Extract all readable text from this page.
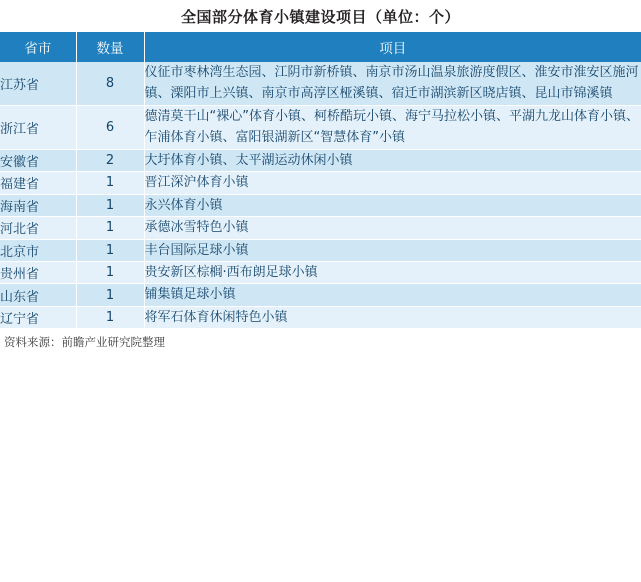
全国部分体育小镇建设项目（单位：个）
省市	数量	项目
江苏省	8	仪征市枣林湾生态园、江阴市新桥镇、南京市汤山温泉旅游度假区、淮安市淮安区施河镇、溧阳市上兴镇、南京市高淳区桠溪镇、宿迁市湖滨新区晓店镇、昆山市锦溪镇
浙江省	6	德清莫干山“裸心”体育小镇、柯桥酷玩小镇、海宁马拉松小镇、平湖九龙山体育小镇、乍浦体育小镇、富阳银湖新区“智慧体育”小镇
安徽省	2	大圩体育小镇、太平湖运动休闲小镇
福建省	1	晋江深沪体育小镇
海南省	1	永兴体育小镇
河北省	1	承德冰雪特色小镇
北京市	1	丰台国际足球小镇
贵州省	1	贵安新区棕榈·西布朗足球小镇
山东省	1	铺集镇足球小镇
辽宁省	1	将军石体育休闲特色小镇
资料来源：前瞻产业研究院整理
